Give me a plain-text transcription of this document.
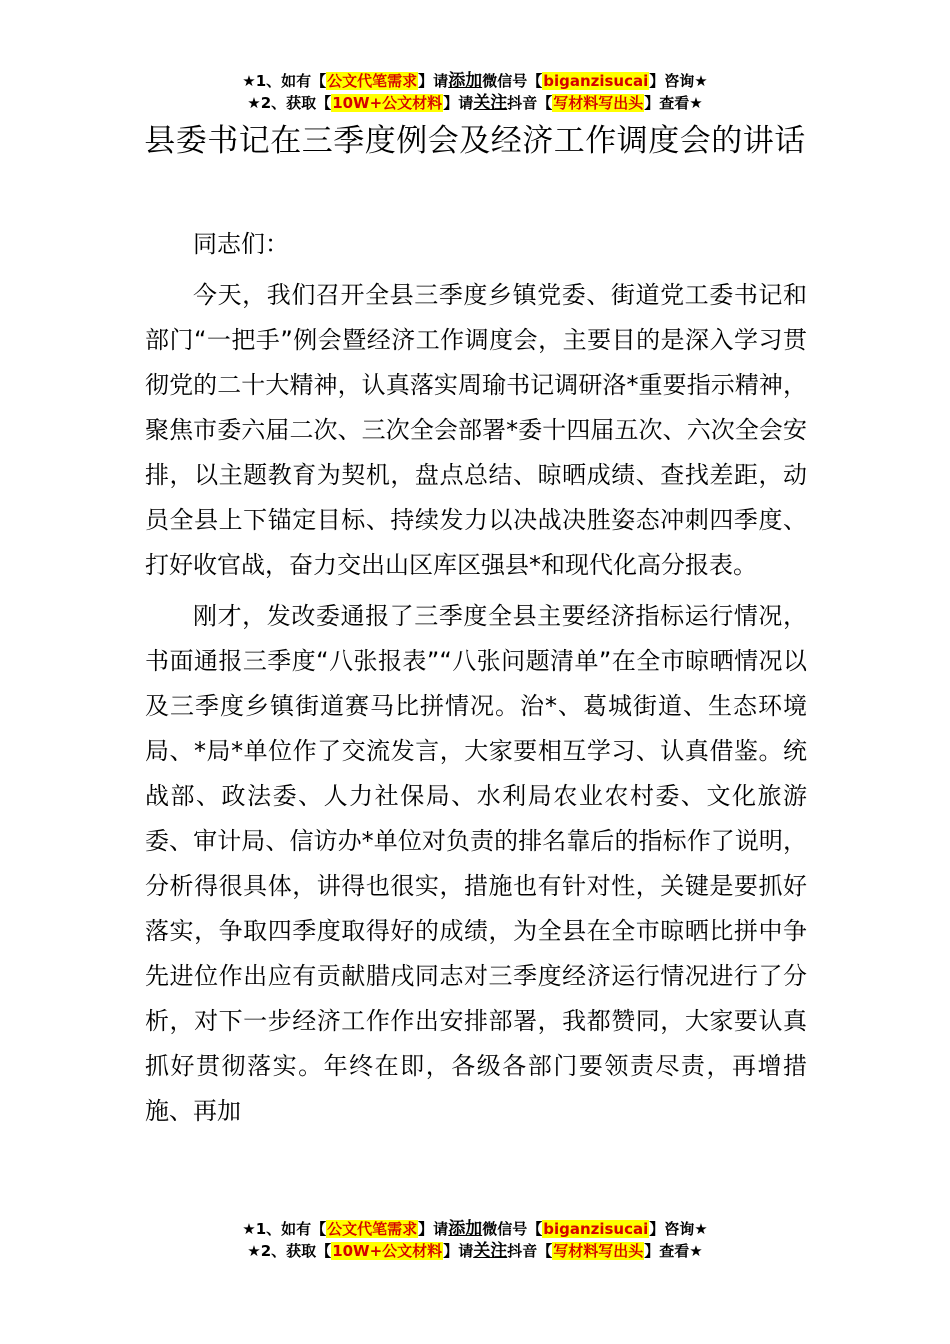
★1、如有【公文代笔需求】请添加微信号【biganzisucai】咨询★
★2、获取【10W+公文材料】请关注抖音【写材料写出头】查看★
县委书记在三季度例会及经济工作调度会的讲话

同志们：

今天，我们召开全县三季度乡镇党委、街道党工委书记和部门“一把手”例会暨经济工作调度会，主要目的是深入学习贯彻党的二十大精神，认真落实周瑜书记调研洛*重要指示精神，聚焦市委六届二次、三次全会部署*委十四届五次、六次全会安排，以主题教育为契机，盘点总结、晾晒成绩、查找差距，动员全县上下锚定目标、持续发力以决战决胜姿态冲刺四季度、打好收官战，奋力交出山区库区强县*和现代化高分报表。

刚才，发改委通报了三季度全县主要经济指标运行情况，书面通报三季度“八张报表”“八张问题清单”在全市晾晒情况以及三季度乡镇街道赛马比拼情况。治*、葛城街道、生态环境局、*局*单位作了交流发言，大家要相互学习、认真借鉴。统战部、政法委、人力社保局、水利局农业农村委、文化旅游委、审计局、信访办*单位对负责的排名靠后的指标作了说明，分析得很具体，讲得也很实，措施也有针对性，关键是要抓好落实，争取四季度取得好的成绩，为全县在全市晾晒比拼中争先进位作出应有贡献腊戌同志对三季度经济运行情况进行了分析，对下一步经济工作作出安排部署，我都赞同，大家要认真抓好贯彻落实。年终在即，各级各部门要领责尽责，再增措施、再加

★1、如有【公文代笔需求】请添加微信号【biganzisucai】咨询★
★2、获取【10W+公文材料】请关注抖音【写材料写出头】查看★
